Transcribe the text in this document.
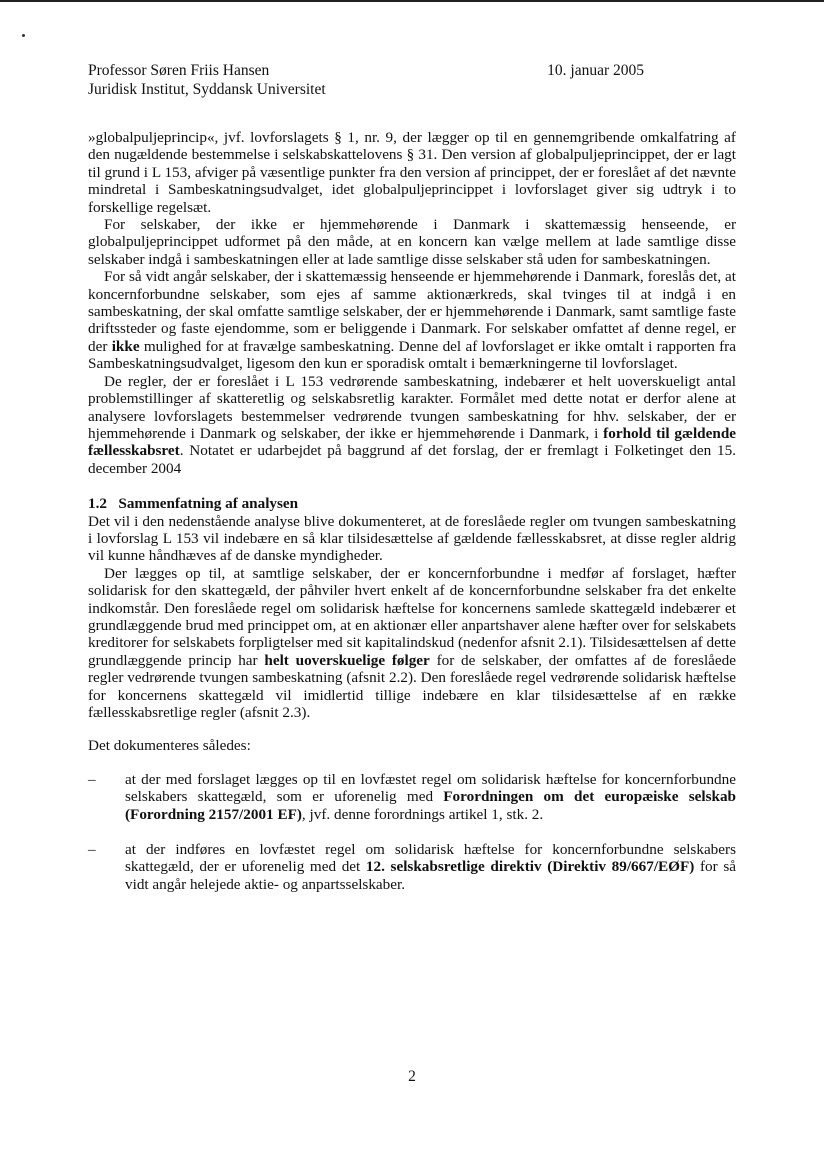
Professor Søren Friis Hansen
Juridisk Institut, Syddansk Universitet
10. januar 2005

»globalpuljeprincip«, jvf. lovforslagets § 1, nr. 9, der lægger op til en gennemgribende omkalfatring af den nugældende bestemmelse i selskabskattelovens § 31. Den version af globalpuljeprincippet, der er lagt til grund i L 153, afviger på væsentlige punkter fra den version af princippet, der er foreslået af det nævnte mindretal i Sambeskatningsudvalget, idet globalpuljeprincippet i lovforslaget giver sig udtryk i to forskellige regelsæt.

For selskaber, der ikke er hjemmehørende i Danmark i skattemæssig henseende, er globalpuljeprincippet udformet på den måde, at en koncern kan vælge mellem at lade samtlige disse selskaber indgå i sambeskatningen eller at lade samtlige disse selskaber stå uden for sambeskatningen.

For så vidt angår selskaber, der i skattemæssig henseende er hjemmehørende i Danmark, foreslås det, at koncernforbundne selskaber, som ejes af samme aktionærkreds, skal tvinges til at indgå i en sambeskatning, der skal omfatte samtlige selskaber, der er hjemmehørende i Danmark, samt samtlige faste driftssteder og faste ejendomme, som er beliggende i Danmark. For selskaber omfattet af denne regel, er der ikke mulighed for at fravælge sambeskatning. Denne del af lovforslaget er ikke omtalt i rapporten fra Sambeskatningsudvalget, ligesom den kun er sporadisk omtalt i bemærkningerne til lovforslaget.

De regler, der er foreslået i L 153 vedrørende sambeskatning, indebærer et helt uoverskueligt antal problemstillinger af skatteretlig og selskabsretlig karakter. Formålet med dette notat er derfor alene at analysere lovforslagets bestemmelser vedrørende tvungen sambeskatning for hhv. selskaber, der er hjemmehørende i Danmark og selskaber, der ikke er hjemmehørende i Danmark, i forhold til gældende fællesskabsret. Notatet er udarbejdet på baggrund af det forslag, der er fremlagt i Folketinget den 15. december 2004

1.2   Sammenfatning af analysen

Det vil i den nedenstående analyse blive dokumenteret, at de foreslåede regler om tvungen sambeskatning i lovforslag L 153 vil indebære en så klar tilsidesættelse af gældende fællesskabsret, at disse regler aldrig vil kunne håndhæves af de danske myndigheder.

Der lægges op til, at samtlige selskaber, der er koncernforbundne i medfør af forslaget, hæfter solidarisk for den skattegæld, der påhviler hvert enkelt af de koncernforbundne selskaber fra det enkelte indkomstår. Den foreslåede regel om solidarisk hæftelse for koncernens samlede skattegæld indebærer et grundlæggende brud med princippet om, at en aktionær eller anpartshaver alene hæfter over for selskabets kreditorer for selskabets forpligtelser med sit kapitalindskud (nedenfor afsnit 2.1). Tilsidesættelsen af dette grundlæggende princip har helt uoverskuelige følger for de selskaber, der omfattes af de foreslåede regler vedrørende tvungen sambeskatning (afsnit 2.2). Den foreslåede regel vedrørende solidarisk hæftelse for koncernens skattegæld vil imidlertid tillige indebære en klar tilsidesættelse af en række fællesskabsretlige regler (afsnit 2.3).

Det dokumenteres således:

– at der med forslaget lægges op til en lovfæstet regel om solidarisk hæftelse for koncernforbundne selskabers skattegæld, som er uforenelig med Forordningen om det europæiske selskab (Forordning 2157/2001 EF), jvf. denne forordnings artikel 1, stk. 2.
– at der indføres en lovfæstet regel om solidarisk hæftelse for koncernforbundne selskabers skattegæld, der er uforenelig med det 12. selskabsretlige direktiv (Direktiv 89/667/EØF) for så vidt angår helejede aktie- og anpartsselskaber.
2
